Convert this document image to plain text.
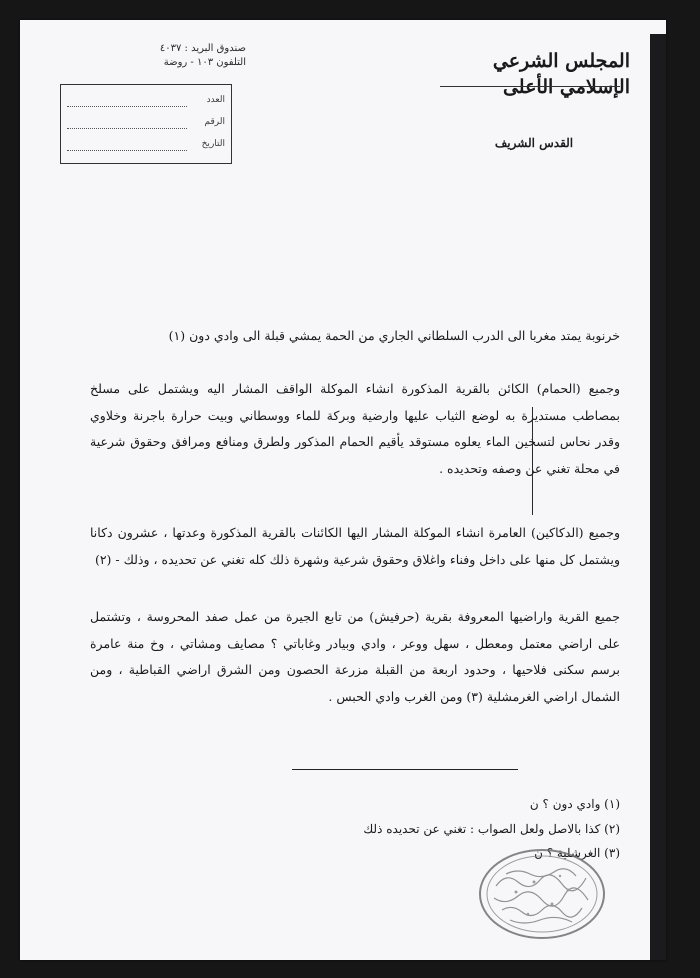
صندوق البريد : ٤٠٣٧
التلفون ١٠٣ - روضة
العدد
الرقم
التاريخ
المجلس الشرعي الإسلامي الأعلى
القدس الشريف

خرنوبة يمتد مغربا الى الدرب السلطاني الجاري من الحمة يمشي قبلة الى وادي دون (١)

وجميع (الحمام) الكائن بالقرية المذكورة انشاء الموكلة الواقف المشار اليه ويشتمل على مسلخ بمصاطب مستديرة به لوضع الثياب عليها وارضية وبركة للماء ووسطاني وبيت حرارة باجرنة وخلاوي وقدر نحاس لتسخين الماء يعلوه مستوقد يأقيم الحمام المذكور ولطرق ومنافع ومرافق وحقوق شرعية في محلة تغني عن وصفه وتحديده .

وجميع (الدكاكين) العامرة انشاء الموكلة المشار اليها الكائنات بالقرية المذكورة وعدتها ، عشرون دكانا ويشتمل كل منها على داخل وفناء واغلاق وحقوق شرعية وشهرة ذلك كله تغني عن تحديده ، وذلك - (٢)

جميع القرية واراضيها المعروفة بقرية (حرفيش) من تابع الجيرة من عمل صفد المحروسة ، وتشتمل على اراضي معتمل ومعطل ، سهل ووعر ، وادي وبيادر وغاباتي ؟ مصايف ومشاتي ، وخ منة عامرة برسم سكنى فلاحيها ، وحدود اربعة من القبلة مزرعة الحصون ومن الشرق اراضي القباطية ، ومن الشمال اراضي الغرمشلية (٣) ومن الغرب وادي الحبس .

(١) وادي دون ؟ ن

(٢) كذا بالاصل ولعل الصواب : تغني عن تحديده ذلك

(٣) الغرشلية ؟ ن
